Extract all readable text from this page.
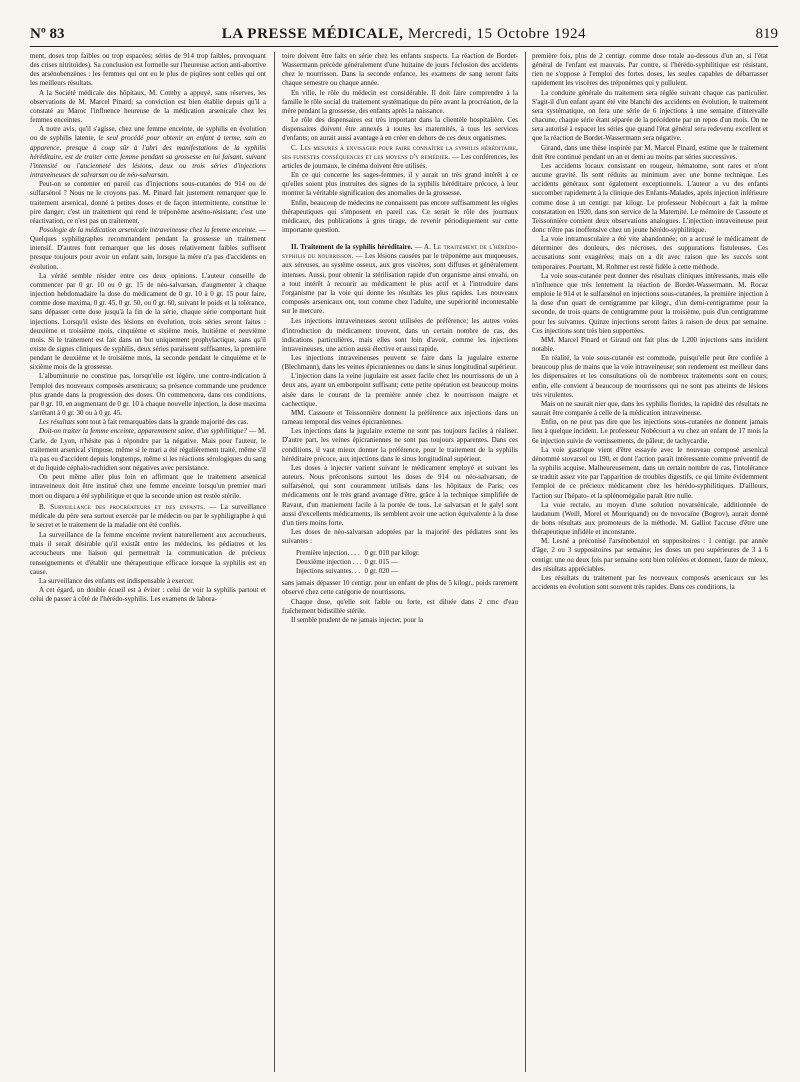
Nº 83	LA PRESSE MÉDICALE, Mercredi, 15 Octobre 1924	819

ment, doses trop faibles ou trop espacées; séries de 914 trop faibles, provoquant des crises nitritoïdes). Sa conclusion est formelle sur l'heureuse action anti-abortive des arsénobenzènes : les femmes qui ont eu le plus de piqûres sont celles qui ont les meilleurs résultats.

A la Société médicale des hôpitaux, M. Comby a appuyé, sans réserves, les observations de M. Marcel Pinard; sa conviction est bien établie depuis qu'il a constaté au Maroc l'influence heureuse de la médication arsenicale chez les femmes enceintes.

A notre avis, qu'il s'agisse, chez une femme enceinte, de syphilis en évolution ou de syphilis latente, le seul procédé pour obtenir un enfant à terme, sain en apparence, presque à coup sûr à l'abri des manifestations de la syphilis héréditaire, est de traiter cette femme pendant sa grossesse en lui faisant, suivant l'intensité ou l'ancienneté des lésions, deux ou trois séries d'injections intraveineuses de salvarsan ou de néo-salvarsan.

Peut-on se contenter en pareil cas d'injections sous-cutanées de 914 ou de sulfarsénol ? Nous ne le croyons pas. M. Pinard fait justement remarquer que le traitement arsenical, donné à petites doses et de façon intermittente, constitue le pire danger; c'est un traitement qui rend le tréponème arséno-résistant; c'est une réactivation, ce n'est pas un traitement.

Posologie de la médication arsenicale intraveineuse chez la femme enceinte. — Quelques syphiligraphes recommandent pendant la grossesse un traitement intensif. D'autres font remarquer que les doses relativement faibles suffisent presque toujours pour avoir un enfant sain, lorsque la mère n'a pas d'accidents en évolution.

La vérité semble résider entre ces deux opinions. L'auteur conseille de commencer par 0 gr. 10 ou 0 gr. 15 de néo-salvarsan, d'augmenter à chaque injection hebdomadaire la dose du médicament de 0 gr. 10 à 0 gr. 15 pour faire, comme dose maxima, 0 gr. 45, 0 gr. 50, ou 0 gr. 60, suivant le poids et la tolérance, sans dépasser cette dose jusqu'à la fin de la série, chaque série comportant huit injections. Lorsqu'il existe des lésions en évolution, trois séries seront faites : deuxième et troisième mois, cinquième et sixième mois, huitième et neuvième mois. Si le traitement est fait dans un but uniquement prophylactique, sans qu'il existe de signes cliniques de syphilis, deux séries paraissent suffisantes, la première pendant le deuxième et le troisième mois, la seconde pendant le cinquième et le sixième mois de la grossesse.

L'albuminurie ne constitue pas, lorsqu'elle est légère, une contre-indication à l'emploi des nouveaux composés arsenicaux; sa présence commande une prudence plus grande dans la progression des doses. On commencera, dans ces conditions, par 0 gr. 10, en augmentant de 0 gr. 10 à chaque nouvelle injection, la dose maxima s'arrêtant à 0 gr. 30 ou à 0 gr. 45.

Les résultats sont tout à fait remarquables dans la grande majorité des cas.

Doit-on traiter la femme enceinte, apparemment saine, d'un syphilitique? — M. Carle, de Lyon, n'hésite pas à répondre par la négative. Mais pour l'auteur, le traitement arsenical s'impose, même si le mari a été régulièrement traité, même s'il n'a pas eu d'accident depuis longtemps, même si les réactions sérologiques du sang et du liquide céphalo-rachidien sont négatives avec persistance.

On peut même aller plus loin en affirmant que le traitement arsenical intraveineux doit être institué chez une femme enceinte lorsqu'un premier mari mort ou disparu a été syphilitique et que la seconde union est restée stérile.

B. Surveillance des procréateurs et des enfants. — La surveillance médicale du père sera surtout exercée par le médecin ou par le syphiligraphe à qui le secret et le traitement de la maladie ont été confiés.

La surveillance de la femme enceinte revient naturellement aux accoucheurs, mais il serait désirable qu'il existât entre les médecins, les pédiatres et les accoucheurs une liaison qui permettrait la communication de précieux renseignements et d'établir une thérapeutique efficace lorsque la syphilis est en cause.

La surveillance des enfants est indispensable à exercer.

A cet égard, un double écueil est à éviter : celui de voir la syphilis partout et celui de passer à côté de l'hérédo-syphilis. Les examens de labora-

toire doivent être faits en série chez les enfants suspects. La réaction de Bordet-Wassermann précède généralement d'une huitaine de jours l'éclosion des accidents chez le nourrisson. Dans la seconde enfance, les examens de sang seront faits chaque semestre ou chaque année.

En ville, le rôle du médecin est considérable. Il doit faire comprendre à la famille le rôle social du traitement systématique du père avant la procréation, de la mère pendant la grossesse, des enfants après la naissance.

Le rôle des dispensaires est très important dans la clientèle hospitalière. Ces dispensaires doivent être annexés à toutes les maternités, à tous les services d'enfants; on aurait aussi avantage à en créer en dehors de ces deux organismes.

C. Les mesures à envisager pour faire connaître la syphilis héréditaire, ses funestes conséquences et les moyens d'y remédier. — Les conférences, les articles de journaux, le cinéma doivent être utilisés.

En ce qui concerne les sages-femmes, il y aurait un très grand intérêt à ce qu'elles soient plus instruites des signes de la syphilis héréditaire précoce, à leur montrer la véritable signification des anomalies de la grossesse.

Enfin, beaucoup de médecins ne connaissent pas encore suffisamment les règles thérapeutiques qui s'imposent en pareil cas. Ce serait le rôle des journaux médicaux, des publications à gros tirage, de revenir périodiquement sur cette importante question.

II. Traitement de la syphilis héréditaire. — A. Le traitement de l'hérédo-syphilis du nourrisson. — Les lésions causées par le tréponème aux muqueuses, aux séreuses, au système osseux, aux gros viscères, sont diffuses et généralement intenses. Aussi, pour obtenir la stérilisation rapide d'un organisme ainsi envahi, on a tout intérêt à recourir au médicament le plus actif et à l'introduire dans l'organisme par la voie qui donne les résultats les plus rapides. Les nouveaux composés arsenicaux ont, tout comme chez l'adulte, une supériorité incontestable sur le mercure.

Les injections intraveineuses seront utilisées de préférence; les autres voies d'introduction du médicament trouvent, dans un certain nombre de cas, des indications particulières, mais elles sont loin d'avoir, comme les injections intraveineuses, une action aussi élective et aussi rapide.

Les injections intraveineuses peuvent se faire dans la jugulaire externe (Blechmann), dans les veines épicraniennes ou dans le sinus longitudinal supérieur.

L'injection dans la veine jugulaire est assez facile chez les nourrissons de un à deux ans, ayant un embonpoint suffisant; cette petite opération est beaucoup moins aisée dans le courant de la première année chez le nourrisson maigre et cachectique.

MM. Cassoute et Teissonnière donnent la préférence aux injections dans un rameau temporal des veines épicraniennes.

Les injections dans la jugulaire externe ne sont pas toujours faciles à réaliser. D'autre part, les veines épicraniennes ne sont pas toujours apparentes. Dans ces conditions, il vaut mieux donner la préférence, pour le traitement de la syphilis héréditaire précoce, aux injections dans le sinus longitudinal supérieur.

Les doses à injecter varient suivant le médicament employé et suivant les auteurs. Nous préconisons surtout les doses de 914 ou néo-salvarsan, de sulfarsénol, qui sont couramment utilisés dans les hôpitaux de Paris; ces médicaments ont le très grand avantage d'être, grâce à la technique simplifiée de Ravaut, d'un maniement facile à la portée de tous. Le salvarsan et le galyl sont aussi d'excellents médicaments, ils semblent avoir une action équivalente à la dose d'un tiers moins forte.

Les doses de néo-salvarsan adoptées par la majorité des pédiatres sont les suivantes :

Première injection. . . .	0 gr. 010 par kilogr.
Deuxième injection . . .	0 gr. 015 —
Injections suivantes. . .	0 gr. 020 —

sans jamais dépasser 10 centigr. pour un enfant de plus de 5 kilogr., poids rarement observé chez cette catégorie de nourrissons.

Chaque dose, qu'elle soit faible ou forte, est diluée dans 2 cmc d'eau fraîchement bidistillée stérile.

Il semble prudent de ne jamais injecter, pour la

première fois, plus de 2 centigr. comme dose totale au-dessous d'un an, si l'état général de l'enfant est mauvais. Par contre, si l'hérédo-syphilitique est résistant, rien ne s'oppose à l'emploi des fortes doses, les seules capables de débarrasser rapidement les viscères des tréponèmes qui y pullulent.

La conduite générale du traitement sera réglée suivant chaque cas particulier. S'agit-il d'un enfant ayant été vite blanchi des accidents en évolution, le traitement sera systématique, on fera une série de 6 injections à une semaine d'intervalle chacune, chaque série étant séparée de la précédente par un repos d'un mois. On ne sera autorisé à espacer les séries que quand l'état général sera redevenu excellent et que la réaction de Bordet-Wassermann sera négative.

Girand, dans une thèse inspirée par M. Marcel Pinard, estime que le traitement doit être continué pendant un an et demi au moins par séries successives.

Les accidents locaux consistant en rougeur, hématome, sont rares et n'ont aucune gravité. Ils sont réduits au minimum avec une bonne technique. Les accidents généraux sont également exceptionnels. L'auteur a vu des enfants succomber rapidement à la clinique des Enfants-Malades, après injection inférieure comme dose à un centigr. par kilogr. Le professeur Nobécourt a fait la même constatation en 1920, dans son service de la Maternité. Le mémoire de Cassoute et Teissonnière contient deux observations analogues. L'injection intraveineuse peut donc n'être pas inoffensive chez un jeune hérédo-syphilitique.

La voie intramusculaire a été vite abandonnée; on a accusé le médicament de déterminer des douleurs, des nécroses, des suppurations fistuleuses. Ces accusations sont exagérées; mais on a dit avec raison que les succès sont temporaires. Pourtant, M. Rohmer est resté fidèle à cette méthode.

La voie sous-cutanée peut donner des résultats cliniques intéressants, mais elle n'influence que très lentement la réaction de Bordet-Wassermann. M. Rocaz emploie le 914 et le sulfarsénol en injections sous-cutanées, la première injection à la dose d'un quart de centigramme par kilogr., d'un demi-centigramme pour la seconde, de trois quarts de centigramme pour la troisième, puis d'un centigramme pour les suivantes. Quinze injections seront faites à raison de deux par semaine. Ces injections sont très bien supportées.

MM. Marcel Pinard et Giraud ont fait plus de 1.200 injections sans incident notable.

En réalité, la voie sous-cutanée est commode, puisqu'elle peut être confiée à beaucoup plus de mains que la voie intraveineuse; son rendement est meilleur dans les dispensaires et les consultations où de nombreux traitements sont en cours; enfin, elle convient à beaucoup de nourrissons qui ne sont pas atteints de lésions très virulentes.

Mais on ne saurait nier que, dans les syphilis florides, la rapidité des résultats ne saurait être comparée à celle de la médication intraveineuse.

Enfin, on ne peut pas dire que les injections sous-cutanées ne donnent jamais lieu à quelque incident. Le professeur Nobécourt a vu chez un enfant de 17 mois la 6e injection suivie de vomissements, de pâleur, de tachycardie.

La voie gastrique vient d'être essayée avec le nouveau composé arsenical dénommé stovarsol ou 190, et dont l'action paraît intéressante comme préventif de la syphilis acquise. Malheureusement, dans un certain nombre de cas, l'intolérance se traduit assez vite par l'apparition de troubles digestifs, ce qui limite évidemment l'emploi de ce précieux médicament chez les hérédo-syphilitiques. D'ailleurs, l'action sur l'hépato- et la splénomégalie paraît être nulle.

La voie rectale, au moyen d'une solution novarsénicale, additionnée de laudanum (Weill, Morel et Mouriquand) ou de novocaïne (Bogrov), aurait donné de bons résultats aux promoteurs de la méthode. M. Galliot l'accuse d'être une thérapeutique infidèle et inconstante.

M. Lesné a préconisé l'arsénobenzol en suppositoires : 1 centigr. par année d'âge, 2 ou 3 suppositoires par semaine; les doses un peu supérieures de 3 à 6 centigr. une ou deux fois par semaine sont bien tolérées et donnent, faute de mieux, des résultats appréciables.

Les résultats du traitement par les nouveaux composés arsenicaux sur les accidents en évolution sont souvent très rapides. Dans ces conditions, la
